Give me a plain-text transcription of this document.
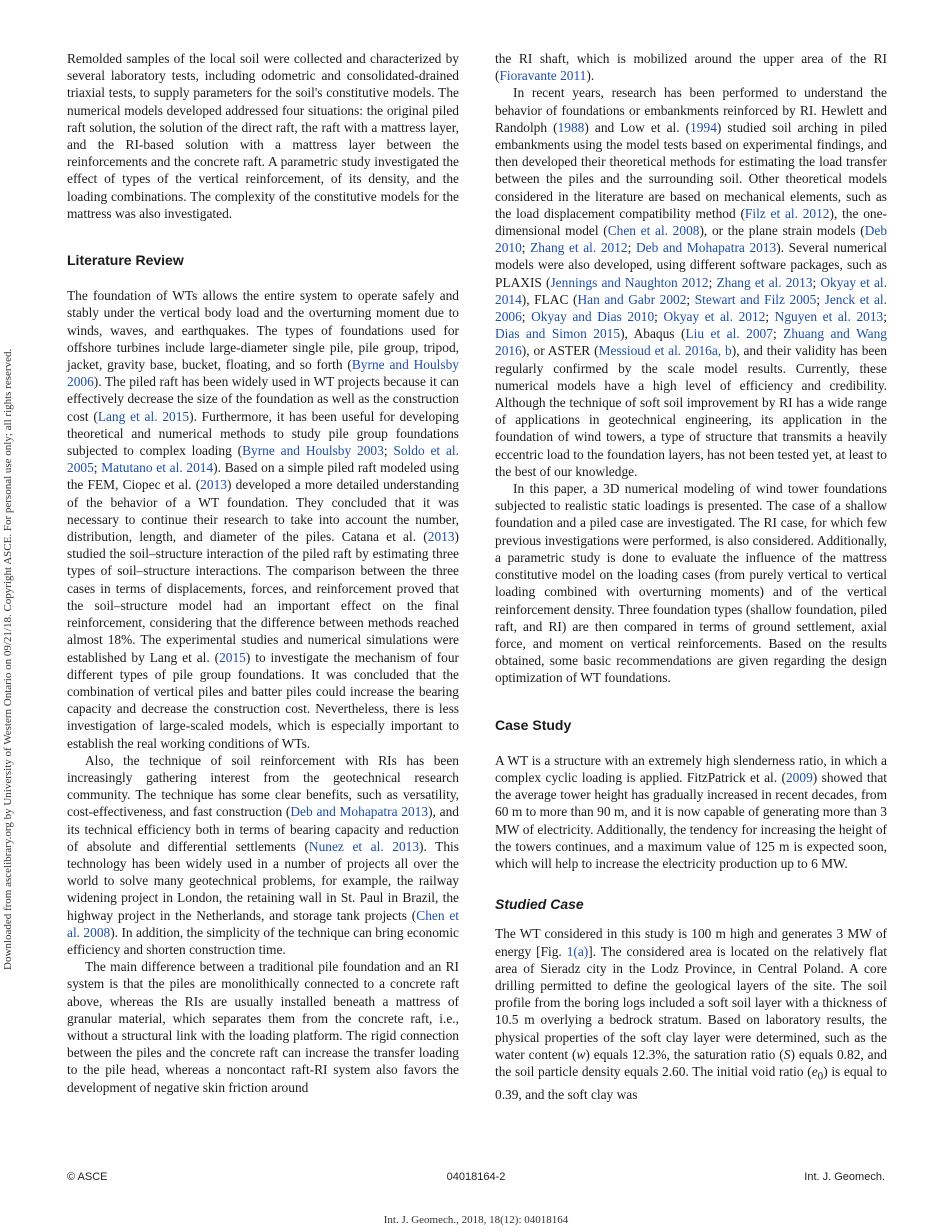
Downloaded from ascelibrary.org by University of Western Ontario on 09/21/18. Copyright ASCE. For personal use only; all rights reserved.

Remolded samples of the local soil were collected and characterized by several laboratory tests, including odometric and consolidated-drained triaxial tests, to supply parameters for the soil's constitutive models. The numerical models developed addressed four situations: the original piled raft solution, the solution of the direct raft, the raft with a mattress layer, and the RI-based solution with a mattress layer between the reinforcements and the concrete raft. A parametric study investigated the effect of types of the vertical reinforcement, of its density, and the loading combinations. The complexity of the constitutive models for the mattress was also investigated.

Literature Review

The foundation of WTs allows the entire system to operate safely and stably under the vertical body load and the overturning moment due to winds, waves, and earthquakes. The types of foundations used for offshore turbines include large-diameter single pile, pile group, tripod, jacket, gravity base, bucket, floating, and so forth (Byrne and Houlsby 2006). The piled raft has been widely used in WT projects because it can effectively decrease the size of the foundation as well as the construction cost (Lang et al. 2015). Furthermore, it has been useful for developing theoretical and numerical methods to study pile group foundations subjected to complex loading (Byrne and Houlsby 2003; Soldo et al. 2005; Matutano et al. 2014). Based on a simple piled raft modeled using the FEM, Ciopec et al. (2013) developed a more detailed understanding of the behavior of a WT foundation. They concluded that it was necessary to continue their research to take into account the number, distribution, length, and diameter of the piles. Catana et al. (2013) studied the soil–structure interaction of the piled raft by estimating three types of soil–structure interactions. The comparison between the three cases in terms of displacements, forces, and reinforcement proved that the soil–structure model had an important effect on the final reinforcement, considering that the difference between methods reached almost 18%. The experimental studies and numerical simulations were established by Lang et al. (2015) to investigate the mechanism of four different types of pile group foundations. It was concluded that the combination of vertical piles and batter piles could increase the bearing capacity and decrease the construction cost. Nevertheless, there is less investigation of large-scaled models, which is especially important to establish the real working conditions of WTs.

Also, the technique of soil reinforcement with RIs has been increasingly gathering interest from the geotechnical research community. The technique has some clear benefits, such as versatility, cost-effectiveness, and fast construction (Deb and Mohapatra 2013), and its technical efficiency both in terms of bearing capacity and reduction of absolute and differential settlements (Nunez et al. 2013). This technology has been widely used in a number of projects all over the world to solve many geotechnical problems, for example, the railway widening project in London, the retaining wall in St. Paul in Brazil, the highway project in the Netherlands, and storage tank projects (Chen et al. 2008). In addition, the simplicity of the technique can bring economic efficiency and shorten construction time.

The main difference between a traditional pile foundation and an RI system is that the piles are monolithically connected to a concrete raft above, whereas the RIs are usually installed beneath a mattress of granular material, which separates them from the concrete raft, i.e., without a structural link with the loading platform. The rigid connection between the piles and the concrete raft can increase the transfer loading to the pile head, whereas a noncontact raft-RI system also favors the development of negative skin friction around

the RI shaft, which is mobilized around the upper area of the RI (Fioravante 2011).

In recent years, research has been performed to understand the behavior of foundations or embankments reinforced by RI. Hewlett and Randolph (1988) and Low et al. (1994) studied soil arching in piled embankments using the model tests based on experimental findings, and then developed their theoretical methods for estimating the load transfer between the piles and the surrounding soil. Other theoretical models considered in the literature are based on mechanical elements, such as the load displacement compatibility method (Filz et al. 2012), the one-dimensional model (Chen et al. 2008), or the plane strain models (Deb 2010; Zhang et al. 2012; Deb and Mohapatra 2013). Several numerical models were also developed, using different software packages, such as PLAXIS (Jennings and Naughton 2012; Zhang et al. 2013; Okyay et al. 2014), FLAC (Han and Gabr 2002; Stewart and Filz 2005; Jenck et al. 2006; Okyay and Dias 2010; Okyay et al. 2012; Nguyen et al. 2013; Dias and Simon 2015), Abaqus (Liu et al. 2007; Zhuang and Wang 2016), or ASTER (Messioud et al. 2016a, b), and their validity has been regularly confirmed by the scale model results. Currently, these numerical models have a high level of efficiency and credibility. Although the technique of soft soil improvement by RI has a wide range of applications in geotechnical engineering, its application in the foundation of wind towers, a type of structure that transmits a heavily eccentric load to the foundation layers, has not been tested yet, at least to the best of our knowledge.

In this paper, a 3D numerical modeling of wind tower foundations subjected to realistic static loadings is presented. The case of a shallow foundation and a piled case are investigated. The RI case, for which few previous investigations were performed, is also considered. Additionally, a parametric study is done to evaluate the influence of the mattress constitutive model on the loading cases (from purely vertical to vertical loading combined with overturning moments) and of the vertical reinforcement density. Three foundation types (shallow foundation, piled raft, and RI) are then compared in terms of ground settlement, axial force, and moment on vertical reinforcements. Based on the results obtained, some basic recommendations are given regarding the design optimization of WT foundations.

Case Study

A WT is a structure with an extremely high slenderness ratio, in which a complex cyclic loading is applied. FitzPatrick et al. (2009) showed that the average tower height has gradually increased in recent decades, from 60 m to more than 90 m, and it is now capable of generating more than 3 MW of electricity. Additionally, the tendency for increasing the height of the towers continues, and a maximum value of 125 m is expected soon, which will help to increase the electricity production up to 6 MW.

Studied Case

The WT considered in this study is 100 m high and generates 3 MW of energy [Fig. 1(a)]. The considered area is located on the relatively flat area of Sieradz city in the Lodz Province, in Central Poland. A core drilling permitted to define the geological layers of the site. The soil profile from the boring logs included a soft soil layer with a thickness of 10.5 m overlying a bedrock stratum. Based on laboratory results, the physical properties of the soft clay layer were determined, such as the water content (w) equals 12.3%, the saturation ratio (S) equals 0.82, and the soil particle density equals 2.60. The initial void ratio $(e_0)$ is equal to 0.39, and the soft clay was

© ASCE	04018164-2	Int. J. Geomech.
Int. J. Geomech., 2018, 18(12): 04018164
